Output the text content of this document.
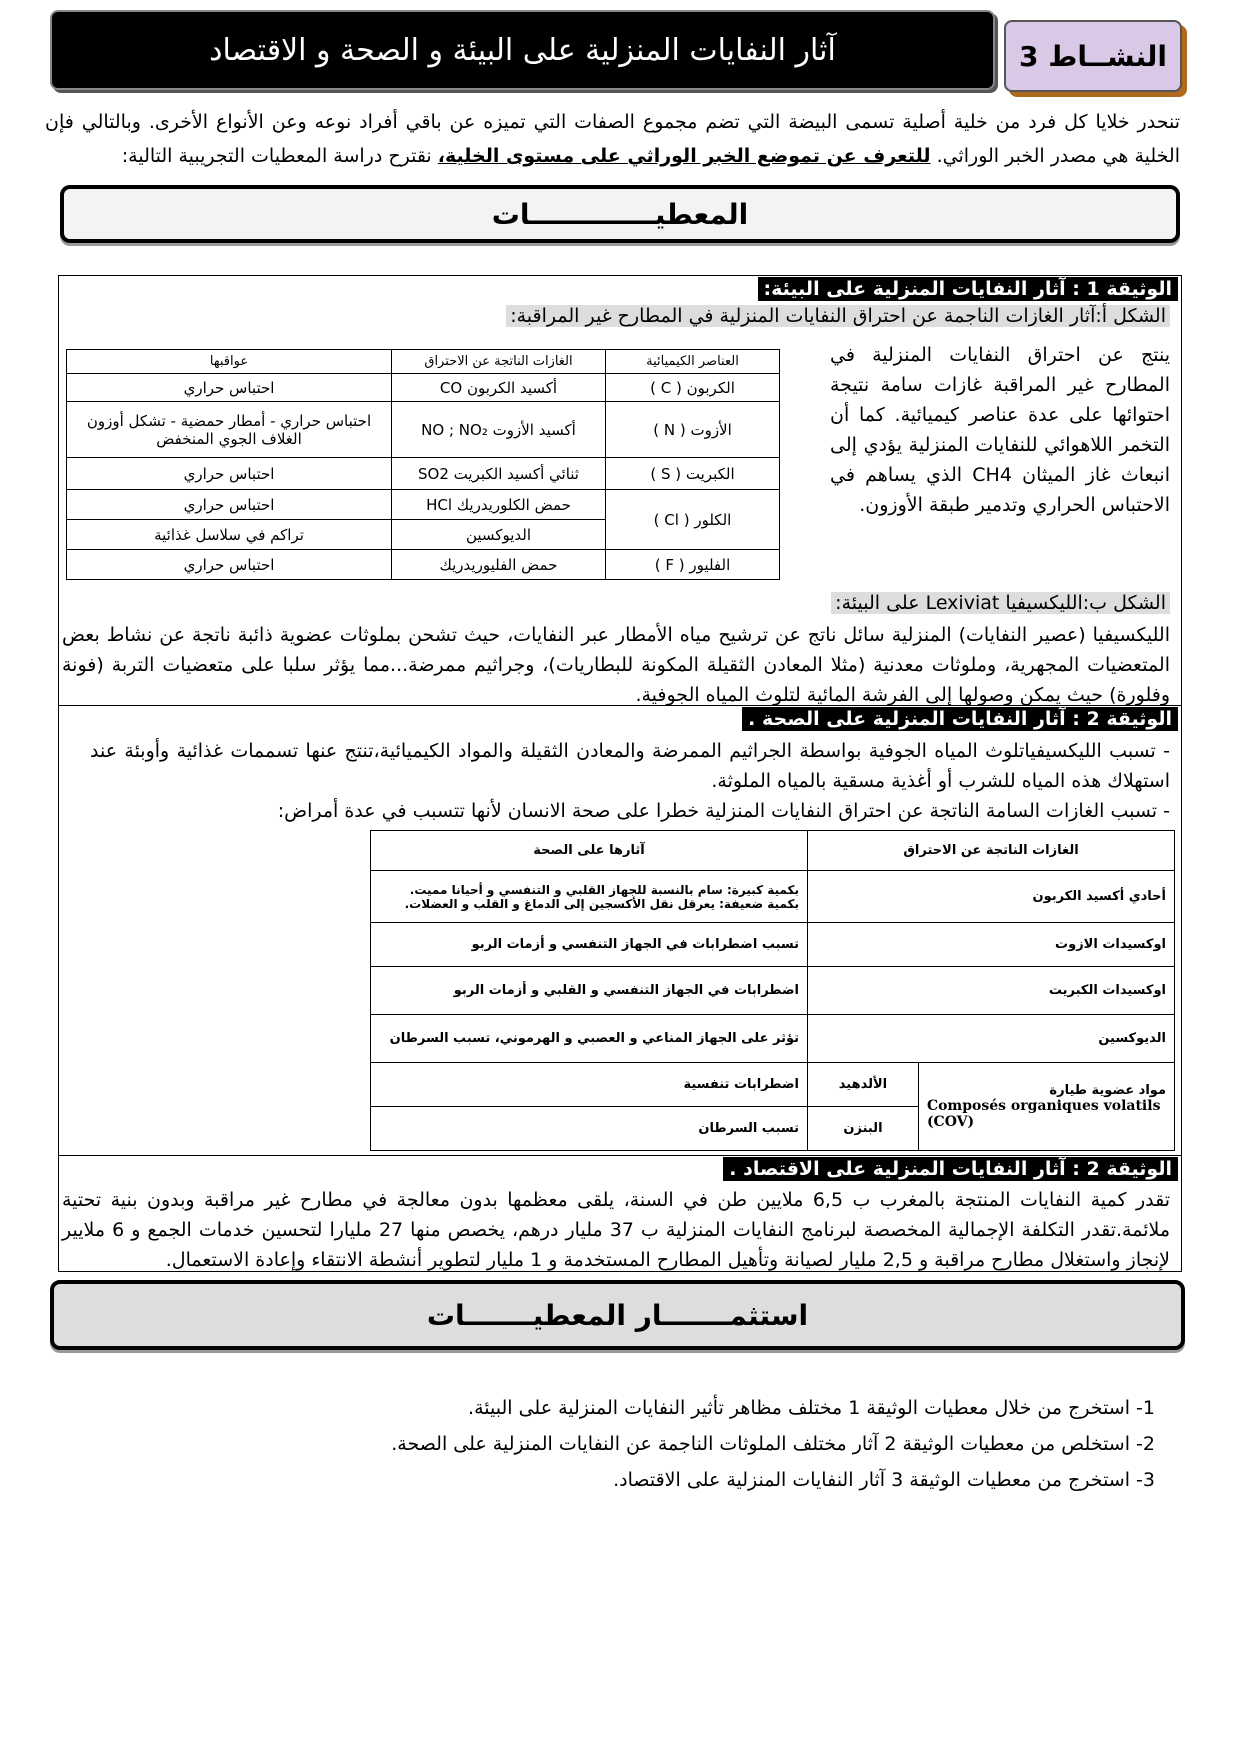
آثار النفايات المنزلية على البيئة و الصحة و الاقتصاد	النشــاط 3
تنحدر خلايا كل فرد من خلية أصلية تسمى البيضة التي تضم مجموع الصفات التي تميزه عن باقي أفراد نوعه وعن الأنواع الأخرى. وبالتالي فإن الخلية هي مصدر الخبر الوراثي. للتعرف عن تموضع الخبر الوراثي على مستوى الخلية، نقترح دراسة المعطيات التجريبية التالية:
المعطيـــــــــــــات
الوثيقة 1 : آثار النفايات المنزلية على البيئة:
الشكل أ:آثار الغازات الناجمة عن احتراق النفايات المنزلية في المطارح غير المراقبة:
ينتج عن احتراق النفايات المنزلية في المطارح غير المراقبة غازات سامة نتيجة احتوائها على عدة عناصر كيميائية. كما أن التخمر اللاهوائي للنفايات المنزلية يؤدي إلى انبعاث غاز الميثان CH4 الذي يساهم في الاحتباس الحراري وتدمير طبقة الأوزون.
العناصر الكيميائية	الغازات الناتجة عن الاحتراق	عواقبها
الكربون ( C )	أكسيد الكربون CO	احتباس حراري
الأزوت ( N )	أكسيد الأزوت NO ; NO₂	احتباس حراري - أمطار حمضية - تشكل أوزون الغلاف الجوي المنخفض
الكبريت ( S )	ثنائي أكسيد الكبريت SO2	احتباس حراري
الكلور ( Cl )	حمض الكلوريدريك HCl	احتباس حراري
	الديوكسين	تراكم في سلاسل غذائية
الفليور ( F )	حمض الفليوريدريك	احتباس حراري
الشكل ب:الليكسيفيا Lexiviat على البيئة:
الليكسيفيا (عصير النفايات) المنزلية سائل ناتج عن ترشيح مياه الأمطار عبر النفايات، حيث تشحن بملوثات عضوية ذائبة ناتجة عن نشاط بعض المتعضيات المجهرية، وملوثات معدنية (مثلا المعادن الثقيلة المكونة للبطاريات)، وجراثيم ممرضة...مما يؤثر سلبا على متعضيات التربة (فونة وفلورة) حيث يمكن وصولها إلى الفرشة المائية لتلوث المياه الجوفية.
الوثيقة 2 : آثار النفايات المنزلية على الصحة .
- تسبب الليكسيفياتلوث المياه الجوفية بواسطة الجراثيم الممرضة والمعادن الثقيلة والمواد الكيميائية،تنتج عنها تسممات غذائية وأوبئة عند استهلاك هذه المياه للشرب أو أغذية مسقية بالمياه الملوثة.
- تسبب الغازات السامة الناتجة عن احتراق النفايات المنزلية خطرا على صحة الانسان لأنها تتسبب في عدة أمراض:
الغازات الناتجة عن الاحتراق		آثارها على الصحة
أحادي أكسيد الكربون		بكمية كبيرة: سام بالنسبة للجهاز القلبي و التنفسي و أحيانا مميت.
بكمية ضعيفة: يعرقل نقل الأكسجين إلى الدماغ و القلب و العضلات.
اوكسيدات الازوت		تسبب اضطرابات في الجهاز التنفسي و أزمات الربو
اوكسيدات الكبريت		اضطرابات في الجهاز التنفسي و القلبي و أزمات الربو
الديوكسين		تؤثر على الجهاز المناعي و العصبي و الهرموني، تسبب السرطان

مواد عضوية طيارة
Composés organiques volatils (COV)	الألدهيد	اضطرابات تنفسية
	البنزن	تسبب السرطان
الوثيقة 2 : آثار النفايات المنزلية على الاقتصاد .
تقدر كمية النفايات المنتجة بالمغرب ب 6,5 ملايين طن في السنة، يلقى معظمها بدون معالجة في مطارح غير مراقبة وبدون بنية تحتية ملائمة.تقدر التكلفة الإجمالية المخصصة لبرنامج النفايات المنزلية ب 37 مليار درهم، يخصص منها 27 مليارا لتحسين خدمات الجمع و 6 ملايير لإنجاز واستغلال مطارح مراقبة و 2,5 مليار لصيانة وتأهيل المطارح المستخدمة و 1 مليار لتطوير أنشطة الانتقاء وإعادة الاستعمال.
استثمـــــــار المعطيـــــــات
1- استخرج من خلال معطيات الوثيقة 1 مختلف مظاهر تأثير النفايات المنزلية على البيئة.
2- استخلص من معطيات الوثيقة 2 آثار مختلف الملوثات الناجمة عن النفايات المنزلية على الصحة.
3- استخرج من معطيات الوثيقة 3 آثار النفايات المنزلية على الاقتصاد.
